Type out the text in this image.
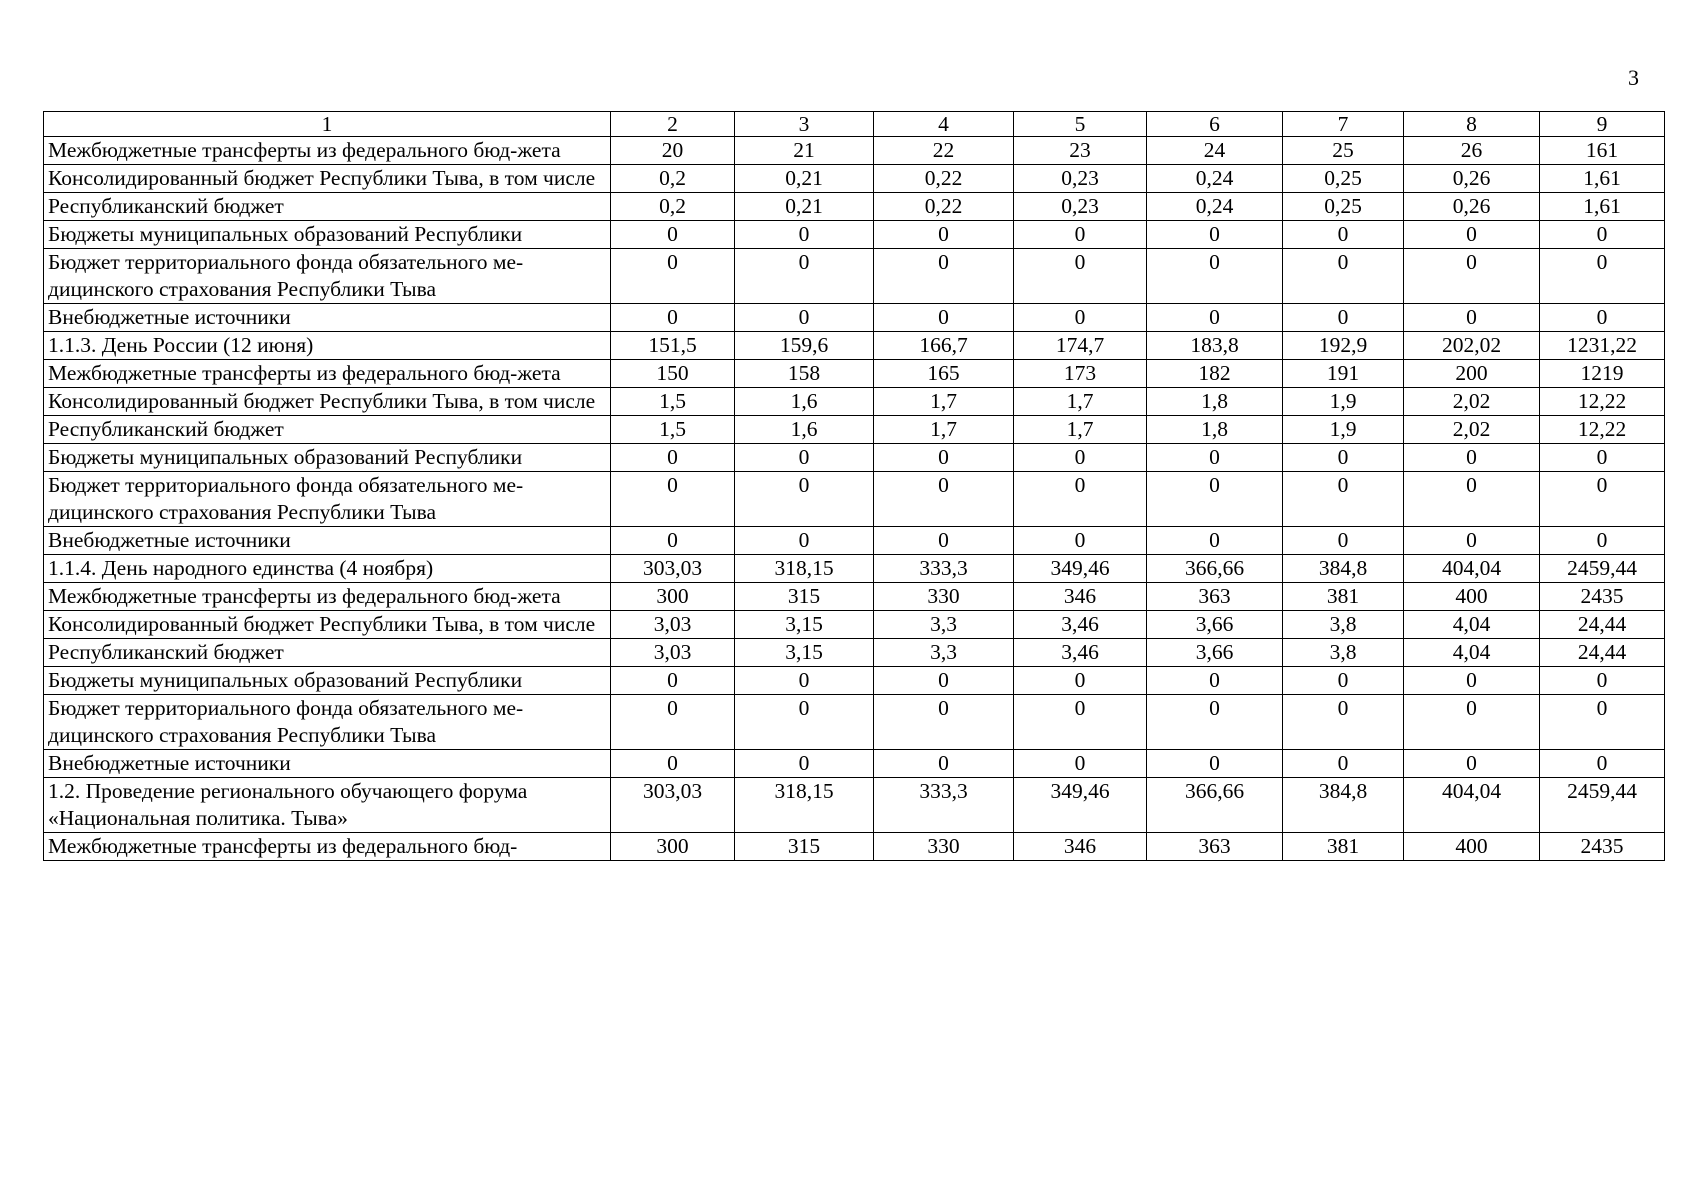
3
1	2	3	4	5	6	7	8	9
Межбюджетные трансферты из федерального бюд-жета	20	21	22	23	24	25	26	161
Консолидированный бюджет Республики Тыва, в том числе	0,2	0,21	0,22	0,23	0,24	0,25	0,26	1,61
Республиканский бюджет	0,2	0,21	0,22	0,23	0,24	0,25	0,26	1,61
Бюджеты муниципальных образований Республики	0	0	0	0	0	0	0	0
Бюджет территориального фонда обязательного ме-дицинского страхования Республики Тыва	0	0	0	0	0	0	0	0
Внебюджетные источники	0	0	0	0	0	0	0	0
1.1.3. День России (12 июня)	151,5	159,6	166,7	174,7	183,8	192,9	202,02	1231,22
Межбюджетные трансферты из федерального бюд-жета	150	158	165	173	182	191	200	1219
Консолидированный бюджет Республики Тыва, в том числе	1,5	1,6	1,7	1,7	1,8	1,9	2,02	12,22
Республиканский бюджет	1,5	1,6	1,7	1,7	1,8	1,9	2,02	12,22
Бюджеты муниципальных образований Республики	0	0	0	0	0	0	0	0
Бюджет территориального фонда обязательного ме-дицинского страхования Республики Тыва	0	0	0	0	0	0	0	0
Внебюджетные источники	0	0	0	0	0	0	0	0
1.1.4. День народного единства (4 ноября)	303,03	318,15	333,3	349,46	366,66	384,8	404,04	2459,44
Межбюджетные трансферты из федерального бюд-жета	300	315	330	346	363	381	400	2435
Консолидированный бюджет Республики Тыва, в том числе	3,03	3,15	3,3	3,46	3,66	3,8	4,04	24,44
Республиканский бюджет	3,03	3,15	3,3	3,46	3,66	3,8	4,04	24,44
Бюджеты муниципальных образований Республики	0	0	0	0	0	0	0	0
Бюджет территориального фонда обязательного ме-дицинского страхования Республики Тыва	0	0	0	0	0	0	0	0
Внебюджетные источники	0	0	0	0	0	0	0	0
1.2. Проведение регионального обучающего форума «Национальная политика. Тыва»	303,03	318,15	333,3	349,46	366,66	384,8	404,04	2459,44
Межбюджетные трансферты из федерального бюд-	300	315	330	346	363	381	400	2435
